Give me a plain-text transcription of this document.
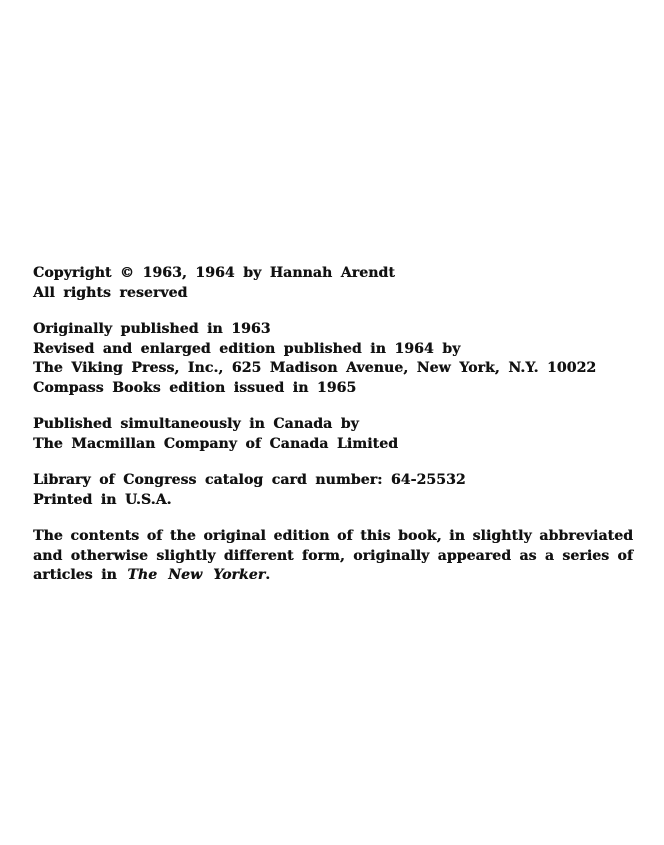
Copyright © 1963, 1964 by Hannah Arendt
All rights reserved
Originally published in 1963
Revised and enlarged edition published in 1964 by
The Viking Press, Inc., 625 Madison Avenue, New York, N.Y. 10022
Compass Books edition issued in 1965
Published simultaneously in Canada by
The Macmillan Company of Canada Limited
Library of Congress catalog card number: 64-25532
Printed in U.S.A.
The contents of the original edition of this book, in slightly abbreviated
and otherwise slightly different form, originally appeared as a series of
articles in The New Yorker.
